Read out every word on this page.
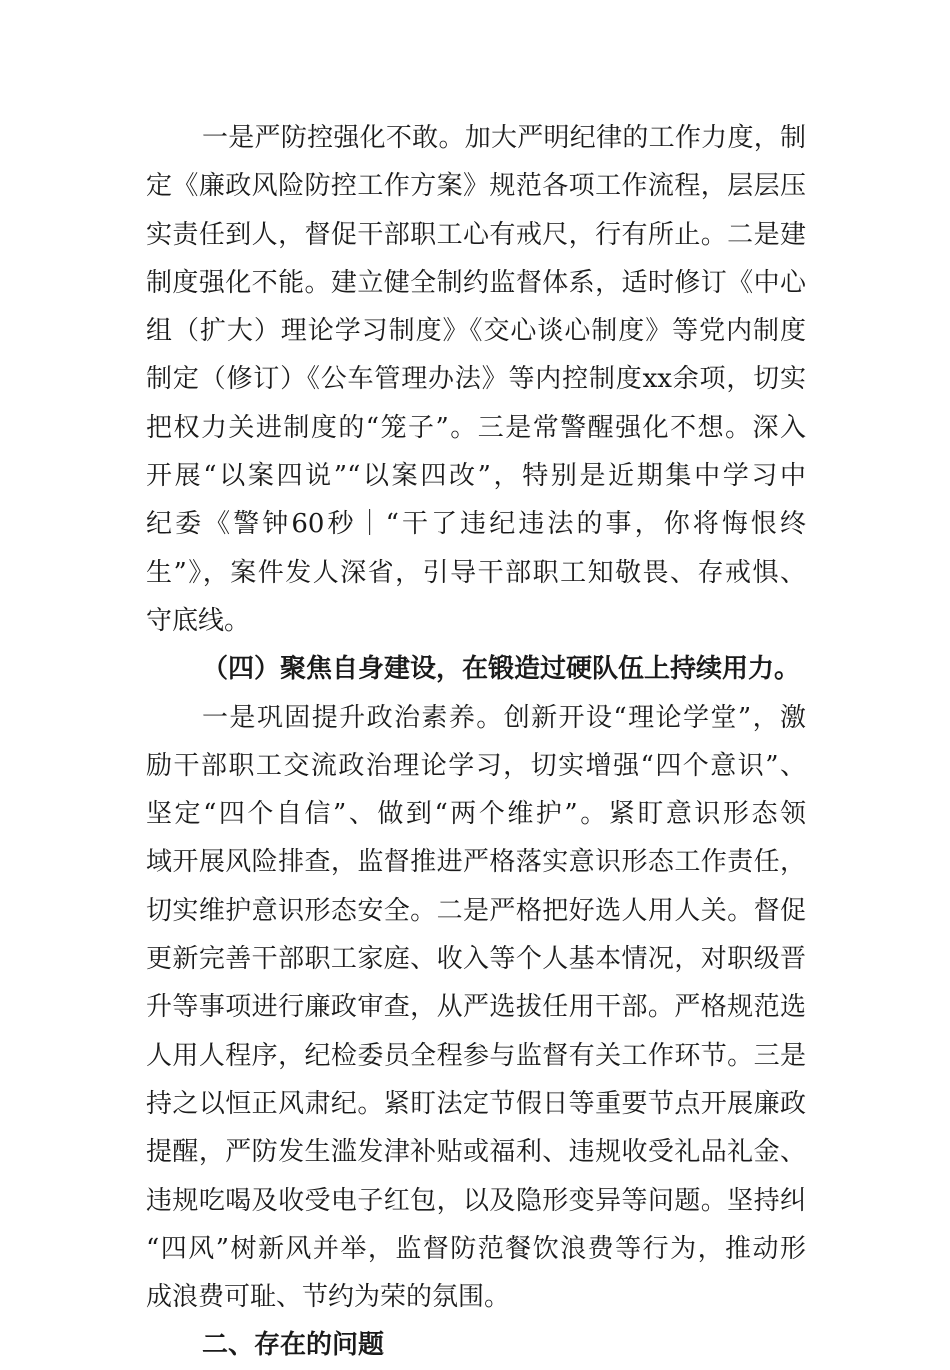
一是严防控强化不敢。加大严明纪律的工作力度，制
定《廉政风险防控工作方案》规范各项工作流程，层层压
实责任到人，督促干部职工心有戒尺，行有所止。二是建
制度强化不能。建立健全制约监督体系，适时修订《中心
组（扩大）理论学习制度》《交心谈心制度》等党内制度
制定（修订）《公车管理办法》等内控制度xx余项，切实
把权力关进制度的“笼子”。三是常警醒强化不想。深入
开展“以案四说”“以案四改”，特别是近期集中学习中
纪委《警钟60秒｜“干了违纪违法的事，你将悔恨终
生”》，案件发人深省，引导干部职工知敬畏、存戒惧、
守底线。
（四）聚焦自身建设，在锻造过硬队伍上持续用力。
一是巩固提升政治素养。创新开设“理论学堂”，激
励干部职工交流政治理论学习，切实增强“四个意识”、
坚定“四个自信”、做到“两个维护”。紧盯意识形态领
域开展风险排查，监督推进严格落实意识形态工作责任，
切实维护意识形态安全。二是严格把好选人用人关。督促
更新完善干部职工家庭、收入等个人基本情况，对职级晋
升等事项进行廉政审查，从严选拔任用干部。严格规范选
人用人程序，纪检委员全程参与监督有关工作环节。三是
持之以恒正风肃纪。紧盯法定节假日等重要节点开展廉政
提醒，严防发生滥发津补贴或福利、违规收受礼品礼金、
违规吃喝及收受电子红包，以及隐形变异等问题。坚持纠
“四风”树新风并举，监督防范餐饮浪费等行为，推动形
成浪费可耻、节约为荣的氛围。
二、存在的问题
